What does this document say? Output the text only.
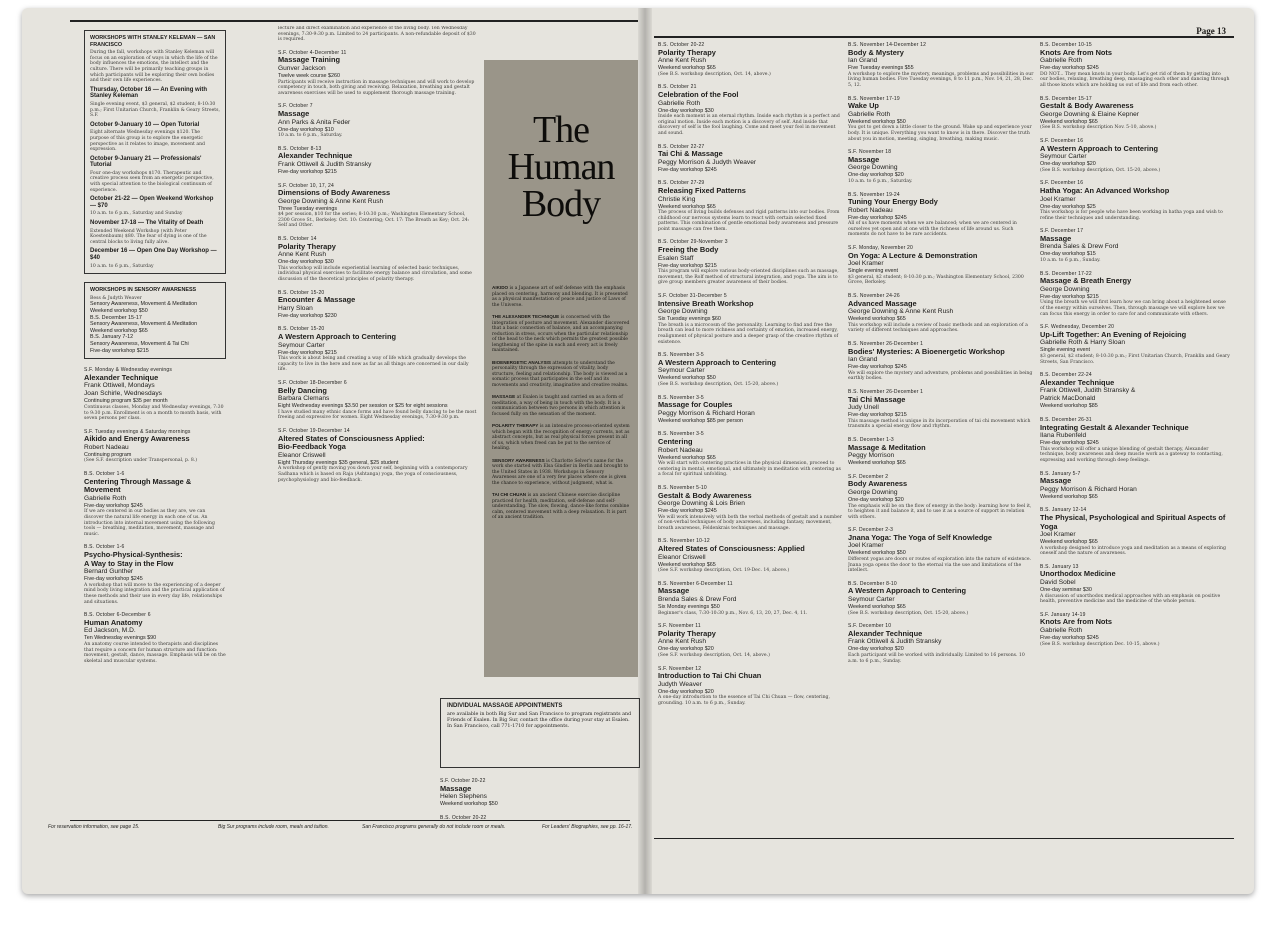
Page 13
WORKSHOPS WITH STANLEY KELEMAN — SAN FRANCISCO
During the fall, workshops with Stanley Keleman will focus on an exploration of ways in which the life of the body influences the emotions, the intellect and the culture. There will be primarily teaching groups in which participants will be exploring their own bodies and their own life experiences.
Thursday, October 16 — An Evening with Stanley Keleman
Single evening event, $3 general, $2 student; 8-10:30 p.m.; First Unitarian Church, Franklin & Geary Streets, S.F.
October 9-January 10 — Open Tutorial
Eight alternate Wednesday evenings $120. The purpose of this group is to explore the energetic perspective as it relates to image, movement and expression.
October 9-January 21 — Professionals' Tutorial
Four one-day workshops $170. Therapeutic and creative process seen from an energetic perspective, with special attention to the biological continuum of experience.
October 21-22 — Open Weekend Workshop — $70
10 a.m. to 6 p.m., Saturday and Sunday
November 17-18 — The Vitality of Death
Extended Weekend Workshop (with Peter Koestenbaum) $80. The fear of dying is one of the central blocks to living fully alive.
December 16 — Open One Day Workshop — $40
10 a.m. to 6 p.m., Saturday
WORKSHOPS IN SENSORY AWARENESS
Bess & Judyth Weaver
Sensory Awareness, Movement & Meditation
Weekend workshop $50
B.S. December 15-17
Sensory Awareness, Movement & Meditation
Weekend workshop $65
B.S. January 7-12
Sensory Awareness, Movement & Tai Chi
Five-day workshop $215
S.F. Monday & Wednesday evenings
Alexander Technique
Frank Ottiwell, Mondays
Joan Schirle, Wednesdays
Continuing program $35 per month
Continuous classes, Monday and Wednesday evenings, 7:30 to 9:30 p.m. Enrollment is on a month to month basis, with seven persons per class.
S.F. Tuesday evenings & Saturday mornings
Aikido and Energy Awareness
Robert Nadeau
Continuing program
(See S.F. description under Transpersonal, p. 8.)
B.S. October 1-6
Centering Through Massage & Movement
Gabrielle Roth
Five-day workshop $245
If we are centered in our bodies as they are, we can discover the natural life energy in each one of us. An introduction into internal movement using the following tools — breathing, meditation, movement, massage and music.
B.S. October 1-6
Psycho-Physical-Synthesis:
A Way to Stay in the Flow
Bernard Gunther
Five-day workshop $245
A workshop that will move to the experiencing of a deeper mind body living integration and the practical application of these methods and their use in every day life, relationships and situations.
B.S. October 6-December 6
Human Anatomy
Ed Jackson, M.D.
Ten Wednesday evenings $90
An anatomy course intended to therapists and disciplines that require a concern for human structure and function: movement, gestalt, dance, massage. Emphasis will be on the skeletal and muscular systems.
lecture and direct examination and experience of the living body. Ten Wednesday evenings, 7:30-9:30 p.m. Limited to 24 participants. A non-refundable deposit of $30 is required.
S.F. October 4-December 11
Massage Training
Gunver Jackson
Twelve week course $260
Participants will receive instruction in massage techniques and will work to develop competency in touch, both giving and receiving. Relaxation, breathing and gestalt awareness exercises will be used to supplement thorough massage training.
S.F. October 7
Massage
Ann Parks & Anita Feder
One-day workshop $10
10 a.m. to 6 p.m., Saturday.
B.S. October 8-13
Alexander Technique
Frank Ottiwell & Judith Stransky
Five-day workshop $215
S.F. October 10, 17, 24
Dimensions of Body Awareness
George Downing & Anne Kent Rush
Three Tuesday evenings
$4 per session, $10 for the series; 8-10:30 p.m.; Washington Elementary School, 2300 Grove St., Berkeley. Oct. 10: Centering; Oct. 17: The Breath as Key; Oct. 24: Self and Other.
B.S. October 14
Polarity Therapy
Anne Kent Rush
One-day workshop $30
This workshop will include experiential learning of selected basic techniques, individual physical exercises to facilitate energy balance and circulation, and some discussion of the theoretical principles of polarity therapy.
B.S. October 15-20
Encounter & Massage
Harry Sloan
Five-day workshop $230
B.S. October 15-20
A Western Approach to Centering
Seymour Carter
Five-day workshop $215
This work is about being and creating a way of life which gradually develops the capacity to live in the here and now as far as all things are concerned in our daily life.
S.F. October 18-December 6
Belly Dancing
Barbara Clemans
Eight Wednesday evenings $3.50 per session or $25 for eight sessions
I have studied many ethnic dance forms and have found belly dancing to be the most freeing and expressive for women. Eight Wednesday evenings, 7:30-9:30 p.m.
S.F. October 19-December 14
Altered States of Consciousness Applied:
Bio-Feedback Yoga
Eleanor Criswell
Eight Thursday evenings $35 general, $25 student
A workshop of gently moving you down your self, beginning with a contemporary Sadhana which is based on Raja (Ashtanga) yoga, the yoga of consciousness, psychophysiology and bio-feedback.
The
Human
Body
AIKIDO is a Japanese art of self defense with the emphasis placed on centering, harmony and blending. It is presented as a physical manifestation of peace and justice of Laws of the Universe.
THE ALEXANDER TECHNIQUE is concerned with the integration of posture and movement. Alexander discovered that a basic connection of balance, and an accompanying reduction in stress, occurs when the particular relationship of the head to the neck which permits the greatest possible lengthening of the spine in each and every act is freely maintained.
BIOENERGETIC ANALYSIS attempts to understand the personality through the expression of vitality, body structure, feeling and relationship. The body is viewed as a somatic process that participates in the self and its movements and creativity, imaginative and creative realms.
MASSAGE at Esalen is taught and carried on as a form of meditation, a way of being in touch with the body. It is a communication between two persons in which attention is focused fully on the sensation of the moment.
POLARITY THERAPY is an intensive process-oriented system which began with the recognition of energy currents, not as abstract concepts, but as real physical forces present in all of us, which when freed can be put to the service of healing.
SENSORY AWARENESS is Charlotte Selver's name for the work she started with Elsa Gindler in Berlin and brought to the United States in 1938. Workshops in Sensory Awareness are one of a very few places where one is given the chance to experience, without judgment, what is.
TAI CHI CHUAN is an ancient Chinese exercise discipline practiced for health, meditation, self-defense and self-understanding. The slow, flowing, dance-like forms combine calm, centered movement with a deep relaxation. It is part of an ancient tradition.
INDIVIDUAL MASSAGE APPOINTMENTS
are available in both Big Sur and San Francisco to program registrants and Friends of Esalen. In Big Sur, contact the office during your stay at Esalen. In San Francisco, call 771-1710 for appointments.
S.F. October 20-22
Massage
Helen Stephens
Weekend workshop $50
B.S. October 20-22
For reservation information, see page 15.	Big Sur programs include room, meals and tuition.	San Francisco programs generally do not include room or meals.	For Leaders' Biographies, see pp. 16-17.
B.S. October 20-22
Polarity Therapy
Anne Kent Rush
Weekend workshop $65
(See B.S. workshop description, Oct. 14, above.)
B.S. October 21
Celebration of the Fool
Gabrielle Roth
One-day workshop $30
Inside each moment is an eternal rhythm. Inside each rhythm is a perfect and original motion. Inside each motion is a discovery of self. And inside that discovery of self is the fool laughing. Come and meet your fool in movement and sound.
B.S. October 22-27
Tai Chi & Massage
Peggy Morrison & Judyth Weaver
Five-day workshop $245
B.S. October 27-29
Releasing Fixed Patterns
Christie King
Weekend workshop $65
The process of living builds defenses and rigid patterns into our bodies. From childhood our nervous systems learn to react with certain selected fixed patterns. This combination of gentle emotional body awareness and pressure point massage can free them.
B.S. October 29-November 3
Freeing the Body
Esalen Staff
Five-day workshop $215
This program will explore various body-oriented disciplines such as massage, movement, the Rolf method of structural integration, and yoga. The aim is to give group members greater awareness of their bodies.
S.F. October 31-December 5
Intensive Breath Workshop
George Downing
Six Tuesday evenings $60
The breath is a microcosm of the personality. Learning to find and free the breath can lead to more richness and certainty of emotion, increased energy, realignment of physical posture and a deeper grasp of the creative rhythm of existence.
B.S. November 3-5
A Western Approach to Centering
Seymour Carter
Weekend workshop $50
(See B.S. workshop description, Oct. 15-20, above.)
B.S. November 3-5
Massage for Couples
Peggy Morrison & Richard Horan
Weekend workshop $85 per person
B.S. November 3-5
Centering
Robert Nadeau
Weekend workshop $65
We will start with centering practices in the physical dimension, proceed to centering in mental, emotional, and ultimately in meditation with centering as a focal for spiritual unfolding.
B.S. November 5-10
Gestalt & Body Awareness
George Downing & Lois Brien
Five-day workshop $245
We will work intensively with both the verbal methods of gestalt and a number of non-verbal techniques of body awareness, including fantasy, movement, breath awareness, Feldenkrais techniques and massage.
B.S. November 10-12
Altered States of Consciousness: Applied
Eleanor Criswell
Weekend workshop $65
(See S.F. workshop description, Oct. 19-Dec. 14, above.)
B.S. November 6-December 11
Massage
Brenda Sales & Drew Ford
Six Monday evenings $50
Beginner's class, 7:30-10:30 p.m., Nov. 6, 13, 20, 27, Dec. 4, 11.
S.F. November 11
Polarity Therapy
Anne Kent Rush
One-day workshop $20
(See S.F. workshop description, Oct. 14, above.)
S.F. November 12
Introduction to Tai Chi Chuan
Judyth Weaver
One-day workshop $20
A one-day introduction to the essence of Tai Chi Chuan — flow, centering, grounding. 10 a.m. to 6 p.m., Sunday.
B.S. November 14-December 12
Body & Mystery
Ian Grand
Five Tuesday evenings $55
A workshop to explore the mystery, meanings, problems and possibilities in our living human bodies. Five Tuesday evenings, 8 to 11 p.m., Nov. 14, 21, 28, Dec. 5, 12.
B.S. November 17-19
Wake Up
Gabrielle Roth
Weekend workshop $50
You got to get down a little closer to the ground. Wake up and experience your body. It is unique. Everything you want to know is in there. Discover the truth about you in motion, meeting, singing, breathing, making music.
S.F. November 18
Massage
George Downing
One-day workshop $20
10 a.m. to 6 p.m., Saturday.
B.S. November 19-24
Tuning Your Energy Body
Robert Nadeau
Five-day workshop $245
All of us have moments when we are balanced; when we are centered in ourselves yet open and at one with the richness of life around us. Such moments do not have to be rare accidents.
S.F. Monday, November 20
On Yoga: A Lecture & Demonstration
Joel Kramer
Single evening event
$3 general, $2 student; 8-10:30 p.m.; Washington Elementary School, 2300 Grove, Berkeley.
B.S. November 24-26
Advanced Massage
George Downing & Anne Kent Rush
Weekend workshop $65
This workshop will include a review of basic methods and an exploration of a variety of different techniques and approaches.
B.S. November 26-December 1
Bodies' Mysteries: A Bioenergetic Workshop
Ian Grand
Five-day workshop $245
We will explore the mystery and adventure, problems and possibilities in being earthly bodies.
B.S. November 26-December 1
Tai Chi Massage
Judy Unell
Five-day workshop $215
This massage method is unique in its incorporation of tai chi movement which transmits a special energy flow and rhythm.
B.S. December 1-3
Massage & Meditation
Peggy Morrison
Weekend workshop $65
S.F. December 2
Body Awareness
George Downing
One-day workshop $20
The emphasis will be on the flow of energy in the body: learning how to feel it, to heighten it and balance it, and to use it as a source of support in relation with others.
S.F. December 2-3
Jnana Yoga: The Yoga of Self Knowledge
Joel Kramer
Weekend workshop $50
Different yogas are doors or routes of exploration into the nature of existence. Jnana yoga opens the door to the eternal via the use and limitations of the intellect.
B.S. December 8-10
A Western Approach to Centering
Seymour Carter
Weekend workshop $65
(See B.S. workshop description, Oct. 15-20, above.)
S.F. December 10
Alexander Technique
Frank Ottiwell & Judith Stransky
One-day workshop $20
Each participant will be worked with individually. Limited to 16 persons. 10 a.m. to 6 p.m., Sunday.
B.S. December 10-15
Knots Are from Nots
Gabrielle Roth
Five-day workshop $245
DO NOT... They mean knots in your body. Let's get rid of them by getting into our bodies, relaxing, breathing deep, massaging each other and dancing through all those knots which are holding us out of life and from each other.
B.S. December 15-17
Gestalt & Body Awareness
George Downing & Elaine Kepner
Weekend workshop $65
(See B.S. workshop description Nov. 5-10, above.)
S.F. December 16
A Western Approach to Centering
Seymour Carter
One-day workshop $20
(See B.S. workshop description, Oct. 15-20, above.)
S.F. December 16
Hatha Yoga: An Advanced Workshop
Joel Kramer
One-day workshop $25
This workshop is for people who have been working in hatha yoga and wish to refine their techniques and understanding.
S.F. December 17
Massage
Brenda Sales & Drew Ford
One-day workshop $15
10 a.m. to 6 p.m., Sunday.
B.S. December 17-22
Massage & Breath Energy
George Downing
Five-day workshop $215
Using the breath we will first learn how we can bring about a heightened sense of the energy within ourselves. Then, through massage we will explore how we can focus this energy in order to care for and communicate with others.
S.F. Wednesday, December 20
Up-Lift Together: An Evening of Rejoicing
Gabrielle Roth & Harry Sloan
Single evening event
$3 general, $2 student; 8-10:30 p.m.; First Unitarian Church, Franklin and Geary Streets, San Francisco.
B.S. December 22-24
Alexander Technique
Frank Ottiwell, Judith Stransky &
Patrick MacDonald
Weekend workshop $85
B.S. December 26-31
Integrating Gestalt & Alexander Technique
Ilana Rubenfeld
Five-day workshop $245
This workshop will offer a unique blending of gestalt therapy, Alexander technique, body awareness and deep muscle work as a gateway to contacting, expressing and working through deep feelings.
B.S. January 5-7
Massage
Peggy Morrison & Richard Horan
Weekend workshop $65
B.S. January 12-14
The Physical, Psychological and Spiritual Aspects of Yoga
Joel Kramer
Weekend workshop $65
A workshop designed to introduce yoga and meditation as a means of exploring oneself and the nature of awareness.
B.S. January 13
Unorthodox Medicine
David Sobel
One-day seminar $30
A discussion of unorthodox medical approaches with an emphasis on positive health, preventive medicine and the medicine of the whole person.
S.F. January 14-19
Knots Are from Nots
Gabrielle Roth
Five-day workshop $245
(See B.S. workshop description Dec. 10-15, above.)
